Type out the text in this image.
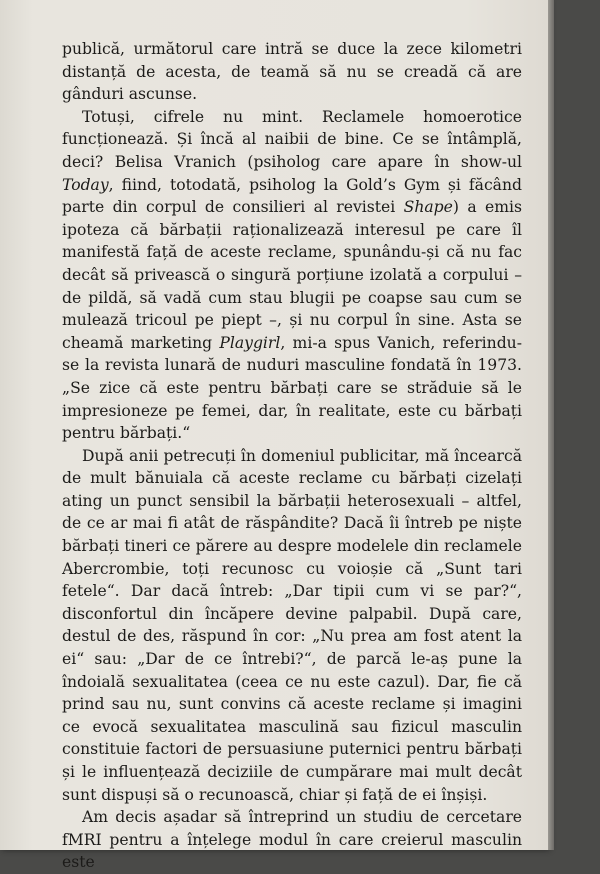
publică, următorul care intră se duce la zece kilometri distanță de acesta, de teamă să nu se creadă că are gânduri ascunse.

Totuși, cifrele nu mint. Reclamele homoerotice funcționează. Și încă al naibii de bine. Ce se întâmplă, deci? Belisa Vranich (psiholog care apare în show-ul Today, fiind, totodată, psiholog la Gold’s Gym și făcând parte din corpul de consilieri al revistei Shape) a emis ipoteza că bărbații raționalizează interesul pe care îl manifestă față de aceste reclame, spunându-și că nu fac decât să privească o singură porțiune izolată a corpului – de pildă, să vadă cum stau blugii pe coapse sau cum se mulează tricoul pe piept –, și nu corpul în sine. Asta se cheamă marketing Playgirl, mi-a spus Vanich, referindu-se la revista lunară de nuduri masculine fondată în 1973. „Se zice că este pentru bărbați care se străduie să le impresioneze pe femei, dar, în realitate, este cu bărbați pentru bărbați.“

După anii petrecuți în domeniul publicitar, mă încearcă de mult bănuiala că aceste reclame cu bărbați cizelați ating un punct sensibil la bărbații heterosexuali – altfel, de ce ar mai fi atât de răspândite? Dacă îi întreb pe niște bărbați tineri ce părere au despre modelele din reclamele Abercrombie, toți recunosc cu voioșie că „Sunt tari fetele“. Dar dacă întreb: „Dar tipii cum vi se par?“, disconfortul din încăpere devine palpabil. După care, destul de des, răspund în cor: „Nu prea am fost atent la ei“ sau: „Dar de ce întrebi?“, de parcă le-aș pune la îndoială sexualitatea (ceea ce nu este cazul). Dar, fie că prind sau nu, sunt convins că aceste reclame și imagini ce evocă sexualitatea masculină sau fizicul masculin constituie factori de persuasiune puternici pentru bărbați și le influențează deciziile de cumpărare mai mult decât sunt dispuși să o recunoască, chiar și față de ei înșiși.

Am decis așadar să întreprind un studiu de cercetare fMRI pentru a înțelege modul în care creierul masculin este
